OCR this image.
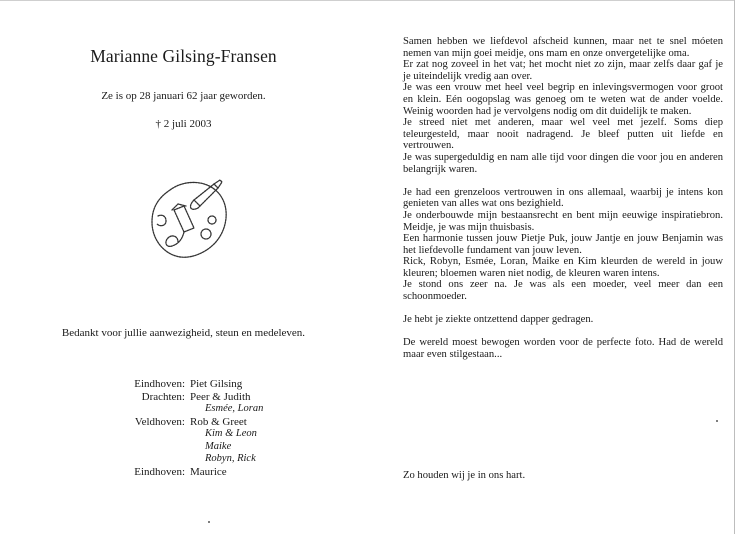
Marianne Gilsing-Fransen
Ze is op 28 januari 62 jaar geworden.
† 2 juli 2003
Bedankt voor jullie aanwezigheid, steun en medeleven.
Eindhoven: Piet Gilsing
Drachten: Peer & Judith
Esmée, Loran
Veldhoven: Rob & Greet
Kim & Leon
Maike
Robyn, Rick
Eindhoven: Maurice

Samen hebben we liefdevol afscheid kunnen, maar net te snel móeten nemen van mijn goei meidje, ons mam en onze onvergetelijke oma.

Er zat nog zoveel in het vat; het mocht niet zo zijn, maar zelfs daar gaf je je uiteindelijk vredig aan over.

Je was een vrouw met heel veel begrip en inlevingsvermogen voor groot en klein. Eén oogopslag was genoeg om te weten wat de ander voelde. Weinig woorden had je vervolgens nodig om dit duidelijk te maken.

Je streed niet met anderen, maar wel veel met jezelf. Soms diep teleurgesteld, maar nooit nadragend. Je bleef putten uit liefde en vertrouwen.

Je was supergeduldig en nam alle tijd voor dingen die voor jou en anderen belangrijk waren.

Je had een grenzeloos vertrouwen in ons allemaal, waarbij je intens kon genieten van alles wat ons bezighield.

Je onderbouwde mijn bestaansrecht en bent mijn eeuwige inspiratiebron. Meidje, je was mijn thuisbasis.

Een harmonie tussen jouw Pietje Puk, jouw Jantje en jouw Benjamin was het liefdevolle fundament van jouw leven.

Rick, Robyn, Esmée, Loran, Maike en Kim kleurden de wereld in jouw kleuren; bloemen waren niet nodig, de kleuren waren intens.

Je stond ons zeer na. Je was als een moeder, veel meer dan een schoonmoeder.

Je hebt je ziekte ontzettend dapper gedragen.

De wereld moest bewogen worden voor de perfecte foto. Had de wereld maar even stilgestaan...

Zo houden wij je in ons hart.
